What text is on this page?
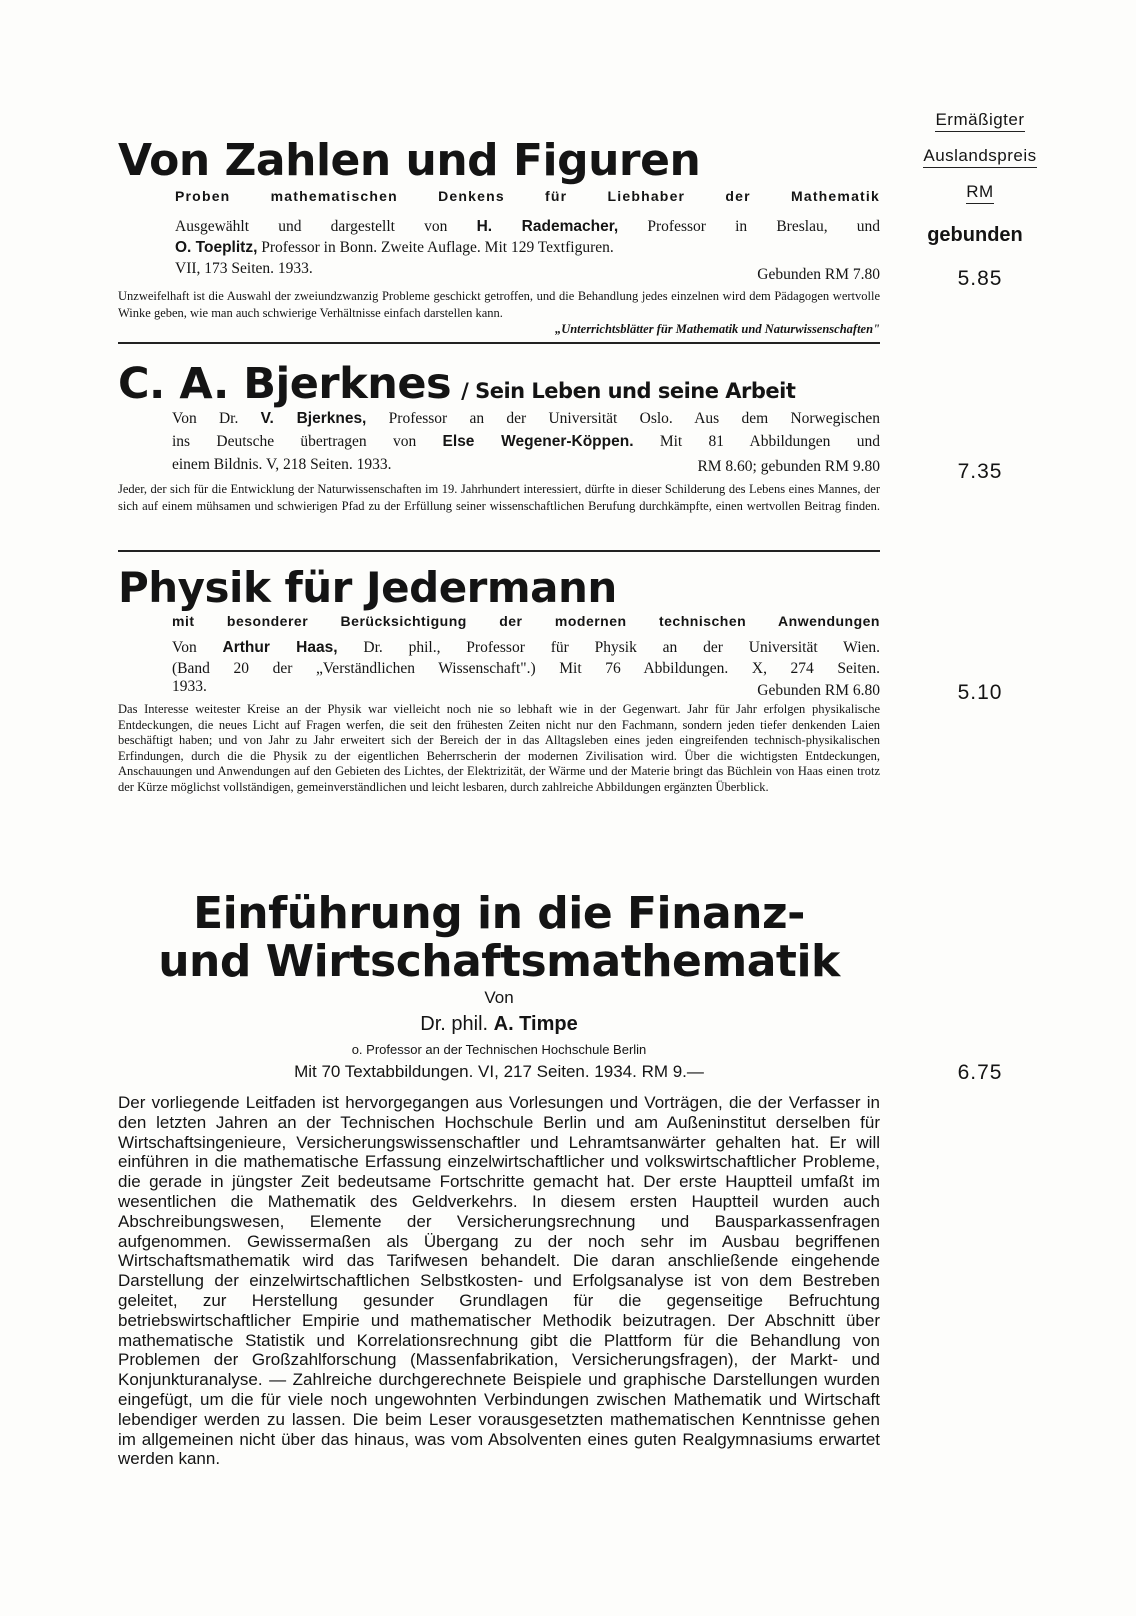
Ermäßigter
Auslandspreis
RM
gebunden
Von Zahlen und Figuren
Proben mathematischen Denkens für Liebhaber der Mathematik
Ausgewählt und dargestellt von H. Rademacher, Professor in Breslau, und
O. Toeplitz, Professor in Bonn. Zweite Auflage. Mit 129 Textfiguren.
VII, 173 Seiten. 1933.	Gebunden RM 7.80
Unzweifelhaft ist die Auswahl der zweiundzwanzig Probleme geschickt getroffen, und die Behandlung jedes einzelnen wird dem Pädagogen wertvolle Winke geben, wie man auch schwierige Verhältnisse einfach darstellen kann.
„Unterrichtsblätter für Mathematik und Naturwissenschaften"
5.85
C. A. Bjerknes / Sein Leben und seine Arbeit
Von Dr. V. Bjerknes, Professor an der Universität Oslo. Aus dem Norwegischen
ins Deutsche übertragen von Else Wegener-Köppen. Mit 81 Abbildungen und
einem Bildnis. V, 218 Seiten. 1933.	RM 8.60; gebunden RM 9.80
Jeder, der sich für die Entwicklung der Naturwissenschaften im 19. Jahrhundert interessiert, dürfte in dieser Schilderung des Lebens eines Mannes, der sich auf einem mühsamen und schwierigen Pfad zu der Erfüllung seiner wissenschaftlichen Berufung durchkämpfte, einen wertvollen Beitrag finden.
7.35
Physik für Jedermann
mit besonderer Berücksichtigung der modernen technischen Anwendungen
Von Arthur Haas, Dr. phil., Professor für Physik an der Universität Wien.
(Band 20 der „Verständlichen Wissenschaft".) Mit 76 Abbildungen. X, 274 Seiten.
1933.	Gebunden RM 6.80
Das Interesse weitester Kreise an der Physik war vielleicht noch nie so lebhaft wie in der Gegenwart. Jahr für Jahr erfolgen physikalische Entdeckungen, die neues Licht auf Fragen werfen, die seit den frühesten Zeiten nicht nur den Fachmann, sondern jeden tiefer denkenden Laien beschäftigt haben; und von Jahr zu Jahr erweitert sich der Bereich der in das Alltagsleben eines jeden eingreifenden technisch-physikalischen Erfindungen, durch die die Physik zu der eigentlichen Beherrscherin der modernen Zivilisation wird. Über die wichtigsten Entdeckungen, Anschauungen und Anwendungen auf den Gebieten des Lichtes, der Elektrizität, der Wärme und der Materie bringt das Büchlein von Haas einen trotz der Kürze möglichst vollständigen, gemeinverständlichen und leicht lesbaren, durch zahlreiche Abbildungen ergänzten Überblick.
5.10
Einführung in die Finanz-
und Wirtschaftsmathematik
Von
Dr. phil. A. Timpe
o. Professor an der Technischen Hochschule Berlin
Mit 70 Textabbildungen. VI, 217 Seiten. 1934. RM 9.—	6.75
Der vorliegende Leitfaden ist hervorgegangen aus Vorlesungen und Vorträgen, die der Verfasser in den letzten Jahren an der Technischen Hochschule Berlin und am Außeninstitut derselben für Wirtschaftsingenieure, Versicherungswissenschaftler und Lehramtsanwärter gehalten hat. Er will einführen in die mathematische Erfassung einzelwirtschaftlicher und volkswirtschaftlicher Probleme, die gerade in jüngster Zeit bedeutsame Fortschritte gemacht hat. Der erste Hauptteil umfaßt im wesentlichen die Mathematik des Geldverkehrs. In diesem ersten Hauptteil wurden auch Abschreibungswesen, Elemente der Versicherungsrechnung und Bausparkassenfragen aufgenommen. Gewissermaßen als Übergang zu der noch sehr im Ausbau begriffenen Wirtschaftsmathematik wird das Tarifwesen behandelt. Die daran anschließende eingehende Darstellung der einzelwirtschaftlichen Selbstkosten- und Erfolgsanalyse ist von dem Bestreben geleitet, zur Herstellung gesunder Grundlagen für die gegenseitige Befruchtung betriebswirtschaftlicher Empirie und mathematischer Methodik beizutragen. Der Abschnitt über mathematische Statistik und Korrelationsrechnung gibt die Plattform für die Behandlung von Problemen der Großzahlforschung (Massenfabrikation, Versicherungsfragen), der Markt- und Konjunkturanalyse. — Zahlreiche durchgerechnete Beispiele und graphische Darstellungen wurden eingefügt, um die für viele noch ungewohnten Verbindungen zwischen Mathematik und Wirtschaft lebendiger werden zu lassen. Die beim Leser vorausgesetzten mathematischen Kenntnisse gehen im allgemeinen nicht über das hinaus, was vom Absolventen eines guten Realgymnasiums erwartet werden kann.
